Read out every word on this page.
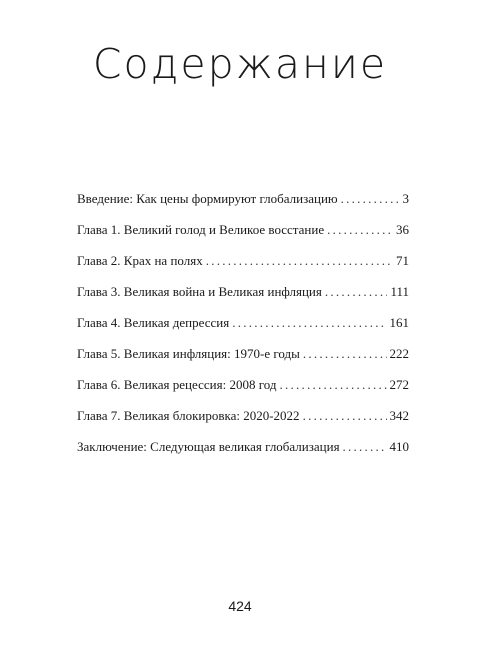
Содержание
Введение: Как цены формируют глобализацию . . .	3
Глава 1. Великий голод и Великое восстание . . .	36
Глава 2. Крах на полях . . .	71
Глава 3. Великая война и Великая инфляция . . .	111
Глава 4. Великая депрессия . . .	161
Глава 5. Великая инфляция: 1970-е годы . . .	222
Глава 6. Великая рецессия: 2008 год . . .	272
Глава 7. Великая блокировка: 2020-2022 . . .	342
Заключение: Следующая великая глобализация . . .	410
424
